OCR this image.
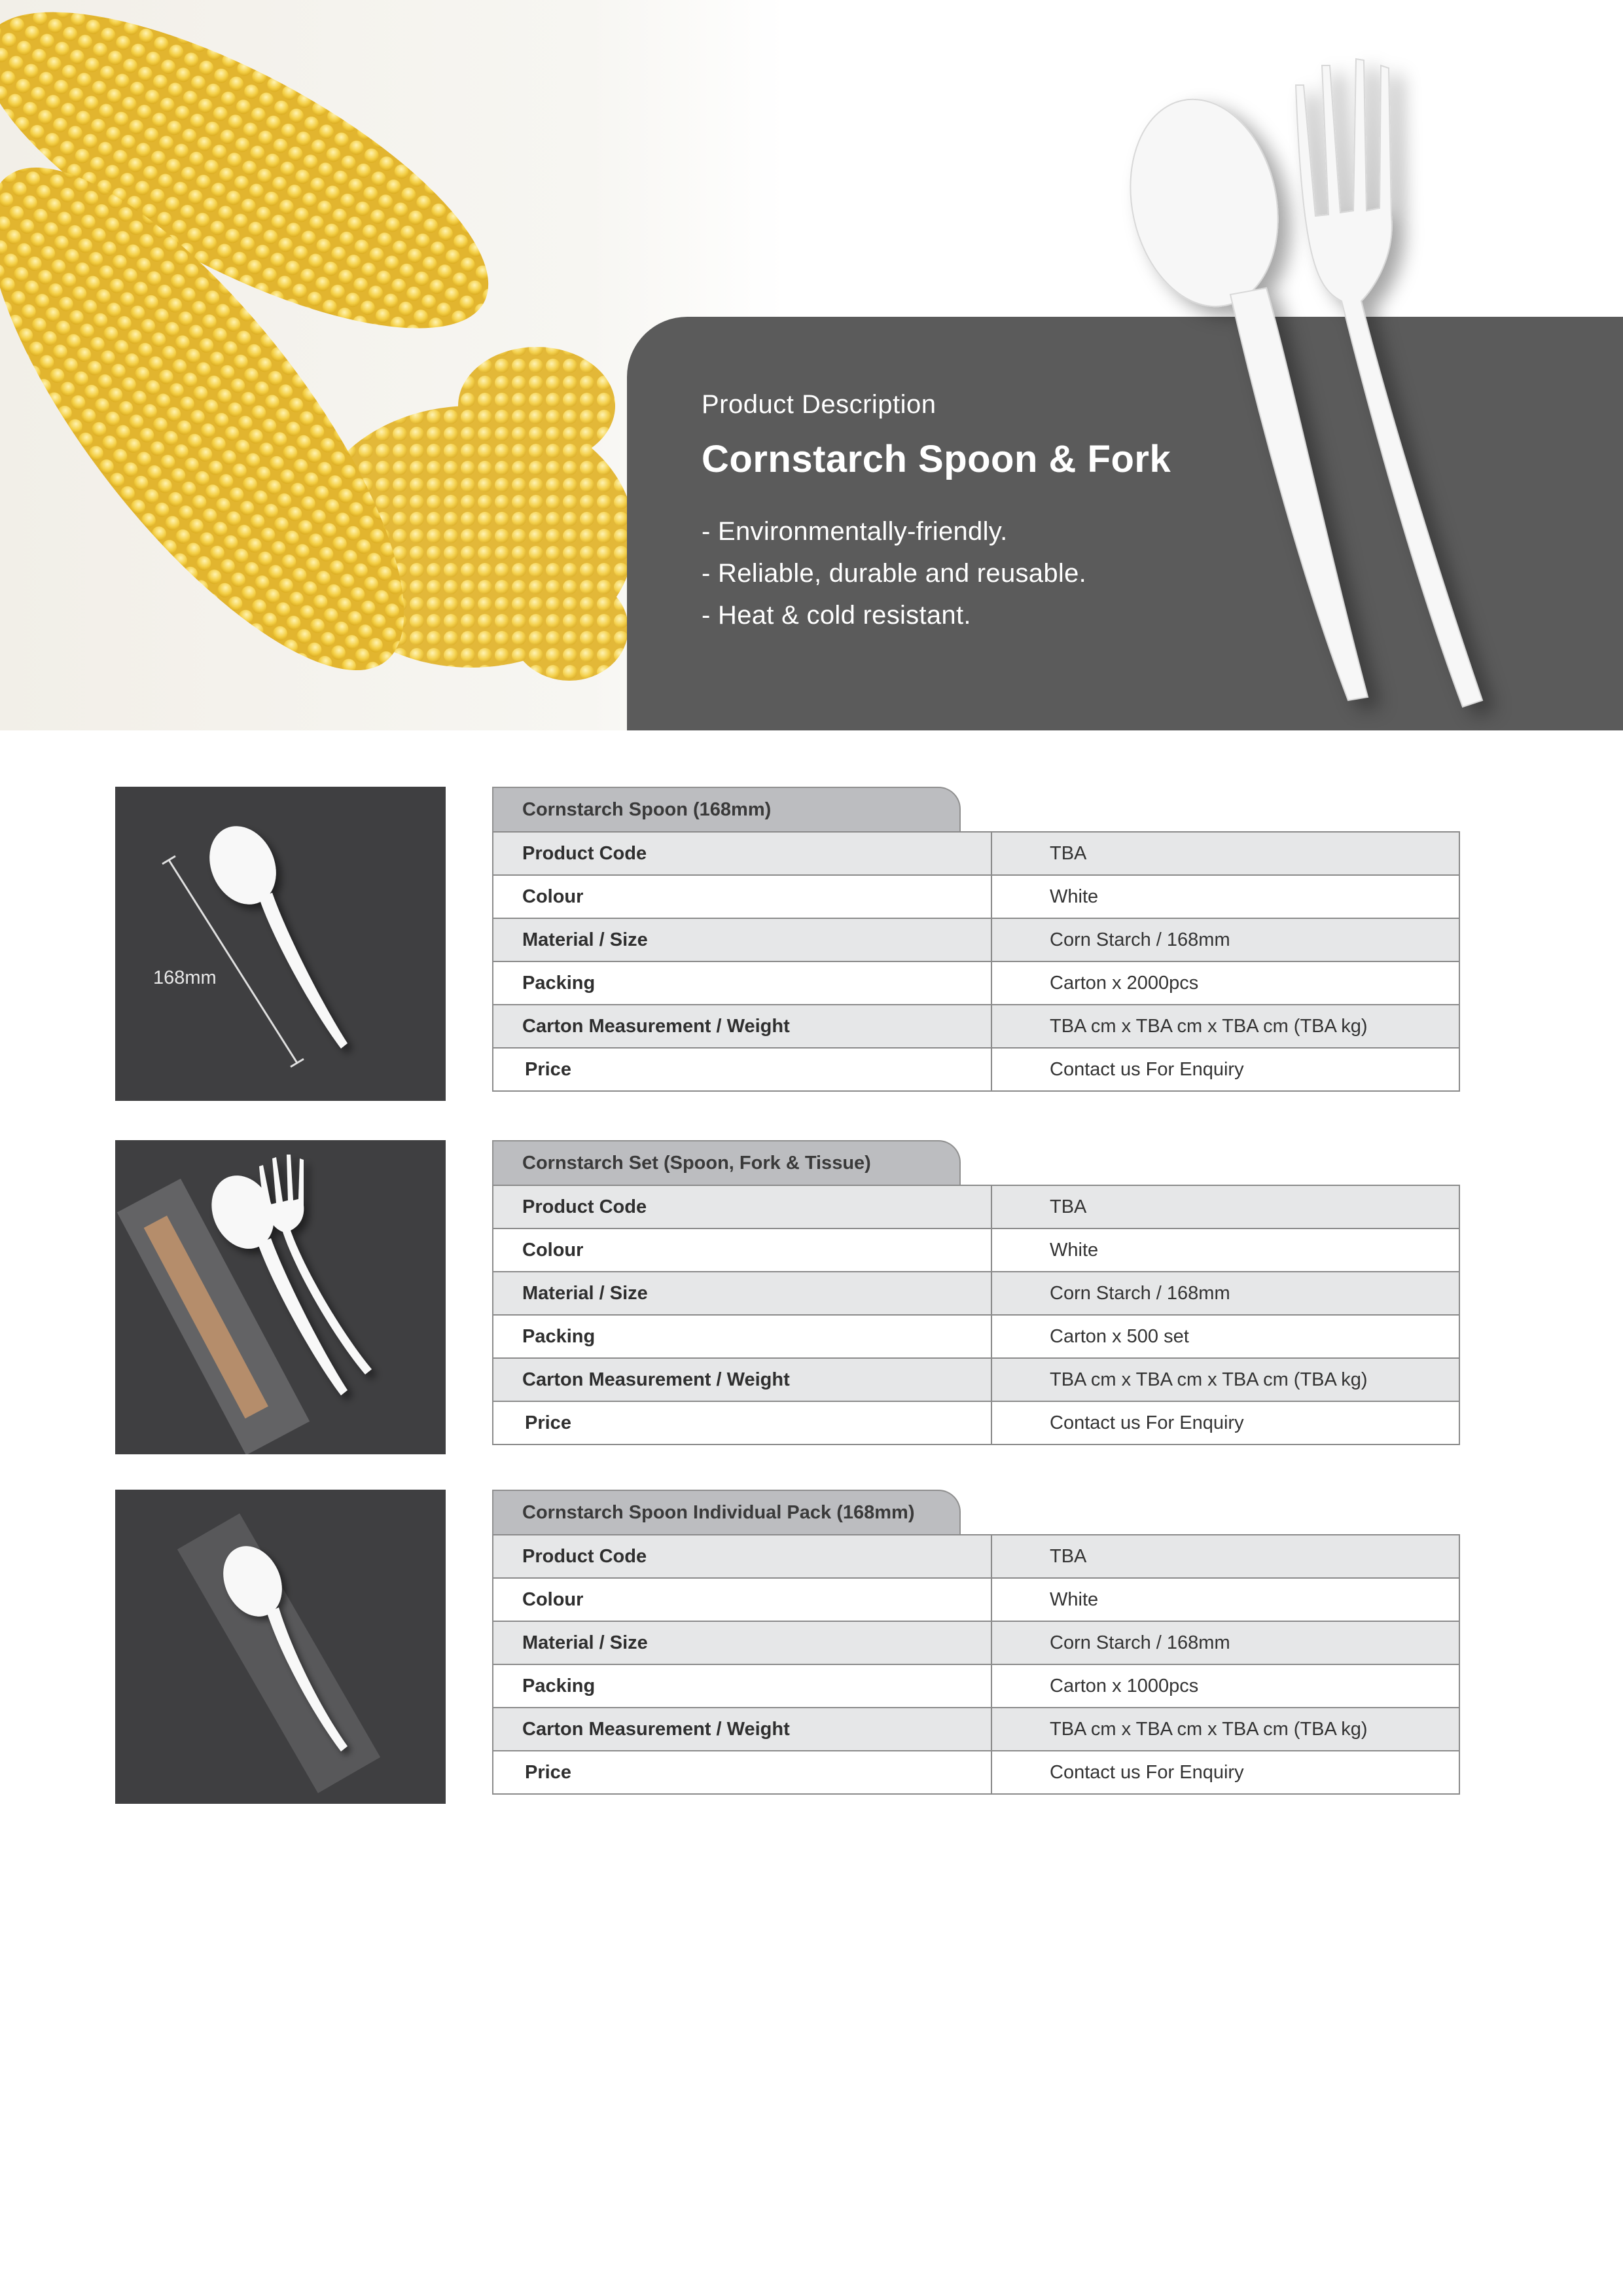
Product Description
Cornstarch Spoon & Fork
- Environmentally-friendly.
- Reliable, durable and reusable.
- Heat & cold resistant.
168mm
Cornstarch Spoon (168mm)
Product Code	TBA
Colour	White
Material / Size	Corn Starch / 168mm
Packing	Carton x 2000pcs
Carton Measurement / Weight	TBA cm x TBA cm x TBA cm (TBA kg)
Price	Contact us For Enquiry
Cornstarch Set (Spoon, Fork & Tissue)
Product Code	TBA
Colour	White
Material / Size	Corn Starch / 168mm
Packing	Carton x 500 set
Carton Measurement / Weight	TBA cm x TBA cm x TBA cm (TBA kg)
Price	Contact us For Enquiry
Cornstarch Spoon Individual Pack (168mm)
Product Code	TBA
Colour	White
Material / Size	Corn Starch / 168mm
Packing	Carton x 1000pcs
Carton Measurement / Weight	TBA cm x TBA cm x TBA cm (TBA kg)
Price	Contact us For Enquiry
